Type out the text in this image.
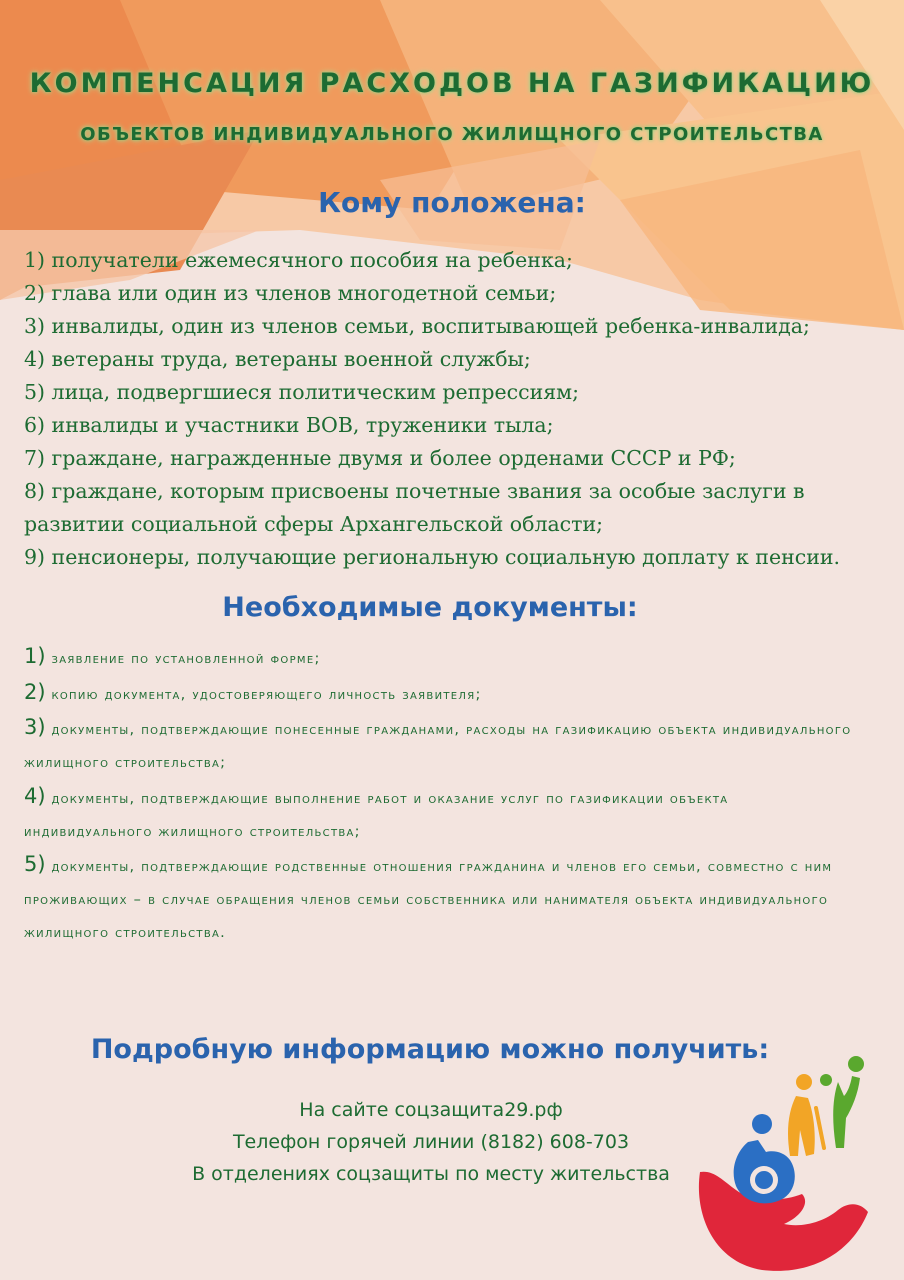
КОМПЕНСАЦИЯ РАСХОДОВ НА ГАЗИФИКАЦИЮ
ОБЪЕКТОВ ИНДИВИДУАЛЬНОГО ЖИЛИЩНОГО СТРОИТЕЛЬСТВА
Кому положена:
1) получатели ежемесячного пособия на ребенка;
2) глава или один из членов многодетной семьи;
3) инвалиды, один из членов семьи, воспитывающей ребенка-инвалида;
4) ветераны труда, ветераны военной службы;
5) лица, подвергшиеся политическим репрессиям;
6) инвалиды и участники ВОВ, труженики тыла;
7) граждане, награжденные двумя и более орденами СССР и РФ;
8) граждане, которым присвоены почетные звания за особые заслуги в развитии социальной сферы Архангельской области;
9) пенсионеры, получающие региональную социальную доплату к пенсии.
Необходимые документы:
1) заявление по установленной форме;
2) копию документа, удостоверяющего личность заявителя;
3) документы, подтверждающие понесенные гражданами, расходы на газификацию объекта индивидуального жилищного строительства;
4) документы, подтверждающие выполнение работ и оказание услуг по газификации объекта индивидуального жилищного строительства;
5) документы, подтверждающие родственные отношения гражданина и членов его семьи, совместно с ним проживающих – в случае обращения членов семьи собственника или нанимателя объекта индивидуального жилищного строительства.
Подробную информацию можно получить:
На сайте соцзащита29.рф
Телефон горячей линии (8182) 608-703
В отделениях соцзащиты по месту жительства
